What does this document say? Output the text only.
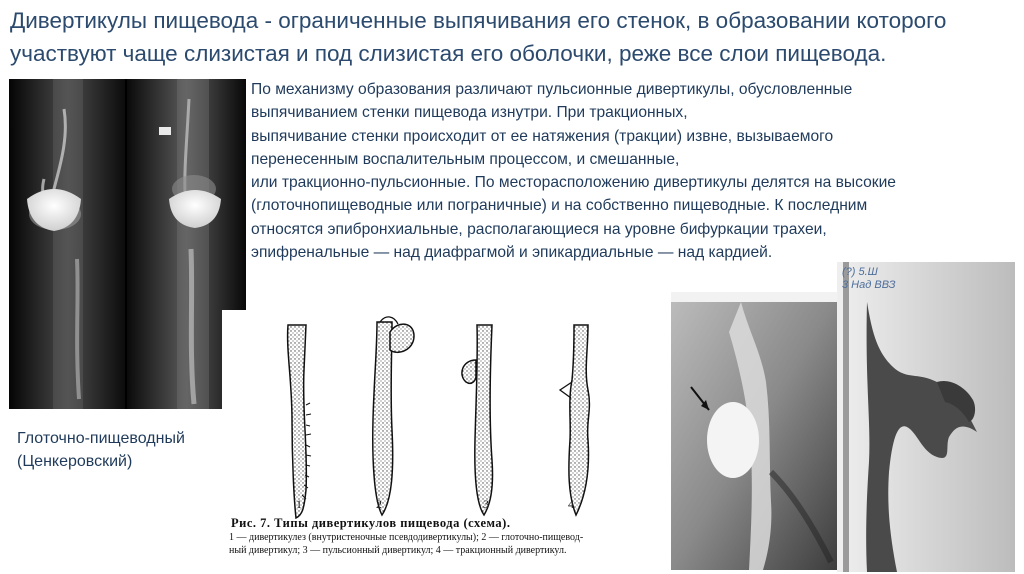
Дивертикулы пищевода - ограниченные выпячивания его стенок, в образовании которого
участвуют чаще слизистая и под слизистая его оболочки, реже все слои пищевода.
По механизму образования различают пульсионные дивертикулы, обусловленные
выпячиванием стенки пищевода изнутри. При тракционных,
выпячивание стенки происходит от ее натяжения (тракции) извне, вызываемого
перенесенным воспалительным процессом, и смешанные,
или тракционно-пульсионные. По месторасположению дивертикулы делятся на высокие
(глоточнопищеводные или пограничные) и на собственно пищеводные. К последним
относятся эпибронхиальные, располагающиеся на уровне бифуркации трахеи,
эпифренальные — над диафрагмой и эпикардиальные — над кардией.
Глоточно-пищеводный
(Ценкеровский)
1	2	3	4
Рис. 7. Типы дивертикулов пищевода (схема).
1 — дивертикулез (внутристеночные псевдодивертикулы); 2 — глоточно-пищевод-
ный дивертикул; 3 — пульсионный дивертикул; 4 — тракционный дивертикул.
(?) 5.Ш
3 Над ВВЗ
